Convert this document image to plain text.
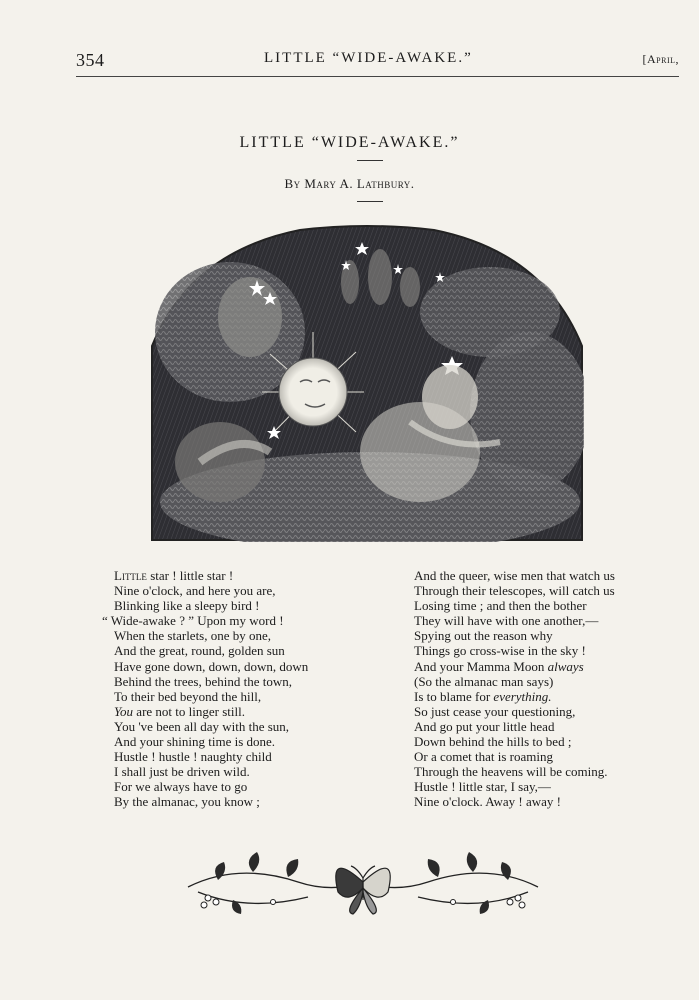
354	LITTLE “WIDE-AWAKE.”	[April,
LITTLE “WIDE-AWAKE.”
By Mary A. Lathbury.
Little star ! little star !
Nine o'clock, and here you are,
Blinking like a sleepy bird !
“ Wide-awake ? ” Upon my word !
When the starlets, one by one,
And the great, round, golden sun
Have gone down, down, down, down
Behind the trees, behind the town,
To their bed beyond the hill,
You are not to linger still.
You 've been all day with the sun,
And your shining time is done.
Hustle ! hustle ! naughty child
I shall just be driven wild.
For we always have to go
By the almanac, you know ;
And the queer, wise men that watch us
Through their telescopes, will catch us
Losing time ; and then the bother
They will have with one another,—
Spying out the reason why
Things go cross-wise in the sky !
And your Mamma Moon always
(So the almanac man says)
Is to blame for everything.
So just cease your questioning,
And go put your little head
Down behind the hills to bed ;
Or a comet that is roaming
Through the heavens will be coming.
Hustle ! little star, I say,—
Nine o'clock. Away ! away !
